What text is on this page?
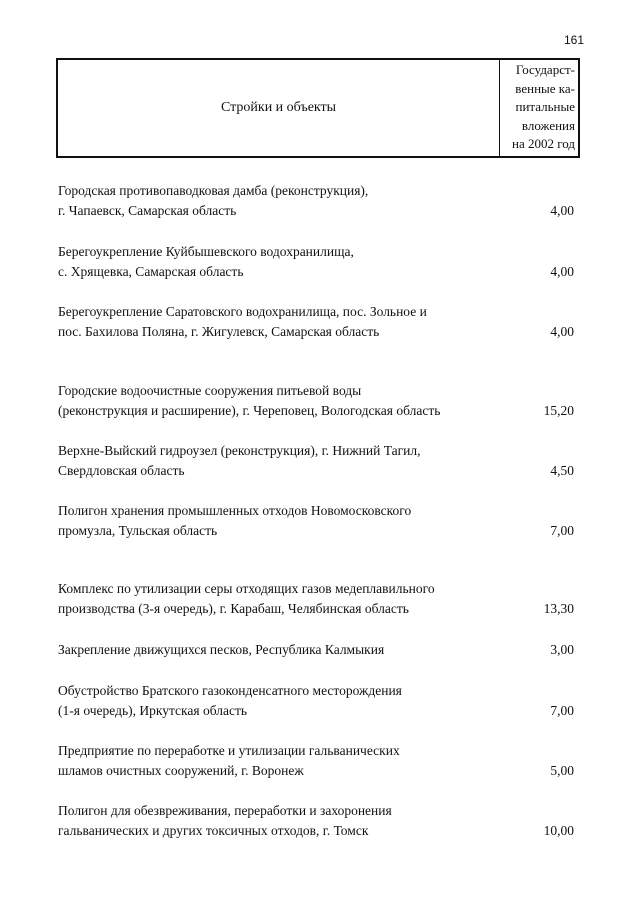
161
Стройки и объекты
Государст-
венные ка-
питальные
вложения
на 2002 год
Городская противопаводковая дамба (реконструкция),
г. Чапаевск, Самарская область	4,00
Берегоукрепление Куйбышевского водохранилища,
с. Хрящевка, Самарская область	4,00
Берегоукрепление Саратовского водохранилища, пос. Зольное и
пос. Бахилова Поляна, г. Жигулевск, Самарская область	4,00
Городские водоочистные сооружения питьевой воды
(реконструкция и расширение), г. Череповец, Вологодская область	15,20
Верхне-Выйский гидроузел (реконструкция), г. Нижний Тагил,
Свердловская область	4,50
Полигон хранения промышленных отходов Новомосковского
промузла, Тульская область	7,00
Комплекс по утилизации серы отходящих газов медеплавильного
производства (3-я очередь), г. Карабаш, Челябинская область	13,30
Закрепление движущихся песков, Республика Калмыкия	3,00
Обустройство Братского газоконденсатного месторождения
(1-я очередь), Иркутская область	7,00
Предприятие по переработке и утилизации гальванических
шламов очистных сооружений, г. Воронеж	5,00
Полигон для обезвреживания, переработки и захоронения
гальванических и других токсичных отходов, г. Томск	10,00
